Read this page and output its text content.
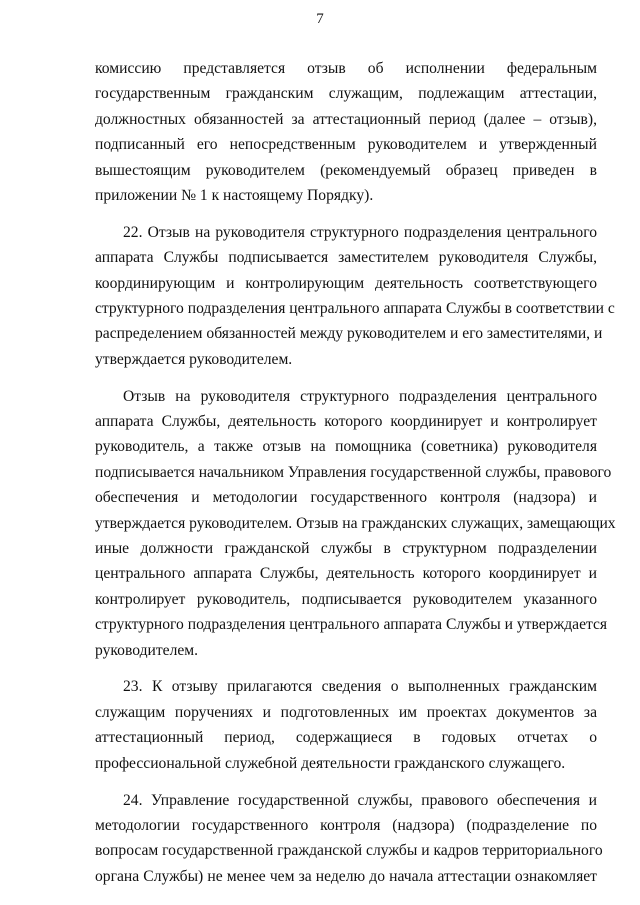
7
комиссию представляется отзыв об исполнении федеральным
государственным гражданским служащим, подлежащим аттестации,
должностных обязанностей за аттестационный период (далее – отзыв),
подписанный его непосредственным руководителем и утвержденный
вышестоящим руководителем (рекомендуемый образец приведен в
приложении № 1 к настоящему Порядку).
22. Отзыв на руководителя структурного подразделения центрального
аппарата Службы подписывается заместителем руководителя Службы,
координирующим и контролирующим деятельность соответствующего
структурного подразделения центрального аппарата Службы в соответствии с
распределением обязанностей между руководителем и его заместителями, и
утверждается руководителем.
Отзыв на руководителя структурного подразделения центрального
аппарата Службы, деятельность которого координирует и контролирует
руководитель, а также отзыв на помощника (советника) руководителя
подписывается начальником Управления государственной службы, правового
обеспечения и методологии государственного контроля (надзора) и
утверждается руководителем. Отзыв на гражданских служащих, замещающих
иные должности гражданской службы в структурном подразделении
центрального аппарата Службы, деятельность которого координирует и
контролирует руководитель, подписывается руководителем указанного
структурного подразделения центрального аппарата Службы и утверждается
руководителем.
23. К отзыву прилагаются сведения о выполненных гражданским
служащим поручениях и подготовленных им проектах документов за
аттестационный период, содержащиеся в годовых отчетах о
профессиональной служебной деятельности гражданского служащего.
24. Управление государственной службы, правового обеспечения и
методологии государственного контроля (надзора) (подразделение по
вопросам государственной гражданской службы и кадров территориального
органа Службы) не менее чем за неделю до начала аттестации ознакомляет
